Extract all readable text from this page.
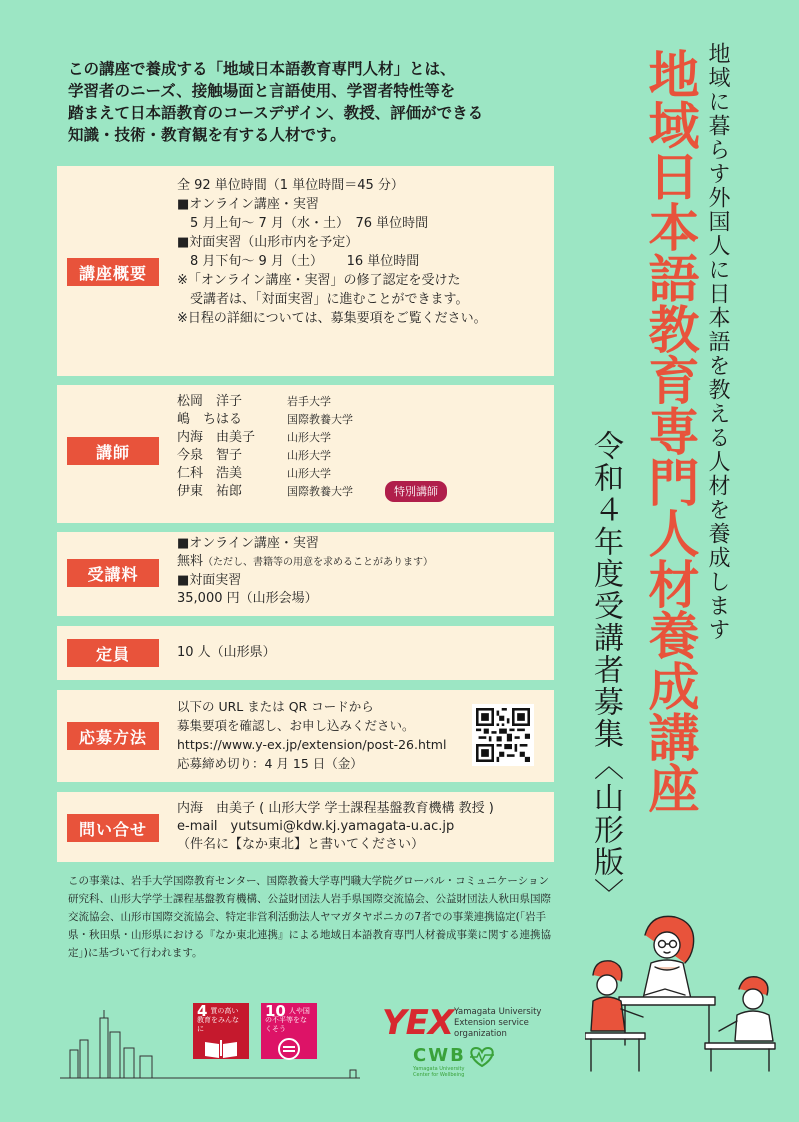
この講座で養成する「地域日本語教育専門人材」とは、
学習者のニーズ、接触場面と言語使用、学習者特性等を
踏まえて日本語教育のコースデザイン、教授、評価ができる
知識・技術・教育観を有する人材です。
講座概要
全 92 単位時間（1 単位時間＝45 分）
■オンライン講座・実習
　5 月上旬～ 7 月（水・土）　76 単位時間
■対面実習（山形市内を予定）
　8 月下旬～ 9 月（土）　　 16 単位時間
※「オンライン講座・実習」の修了認定を受けた
　受講者は、「対面実習」に進むことができます。
※日程の詳細については、募集要項をご覧ください。
講師
松岡　洋子	岩手大学
嶋　ちはる	国際教養大学
内海　由美子	山形大学
今泉　智子	山形大学
仁科　浩美	山形大学
伊東　祐郎	国際教養大学	特別講師
受講料
■オンライン講座・実習
無料（ただし、書籍等の用意を求めることがあります）
■対面実習
35,000 円（山形会場）
定員	10 人（山形県）
応募方法
以下の URL または QR コードから
募集要項を確認し、お申し込みください。
https://www.y-ex.jp/extension/post-26.html
応募締め切り：4 月 15 日（金）
問い合せ
内海　由美子 ( 山形大学 学士課程基盤教育機構 教授 )
e-mail　yutsumi@kdw.kj.yamagata-u.ac.jp
（件名に【なか東北】と書いてください）
この事業は、岩手大学国際教育センター、国際教養大学専門職大学院グローバル・コミュニケーション研究科、山形大学学士課程基盤教育機構、公益財団法人岩手県国際交流協会、公益財団法人秋田県国際交流協会、山形市国際交流協会、特定非営利活動法人ヤマガタヤポニカの7者での事業連携協定(「岩手県・秋田県・山形県における『なか東北連携』による地域日本語教育専門人材養成事業に関する連携協定」)に基づいて行われます。
地域に暮らす外国人に日本語を教える人材を養成します
地域日本語教育専門人材養成講座
令和４年度受講者募集〈山形版〉
4 質の高い教育をみんなに
10 人や国の不平等をなくそう	YEX Yamagata University
Extension service
organization
CWB
Yamagata University
Center for Wellbeing
